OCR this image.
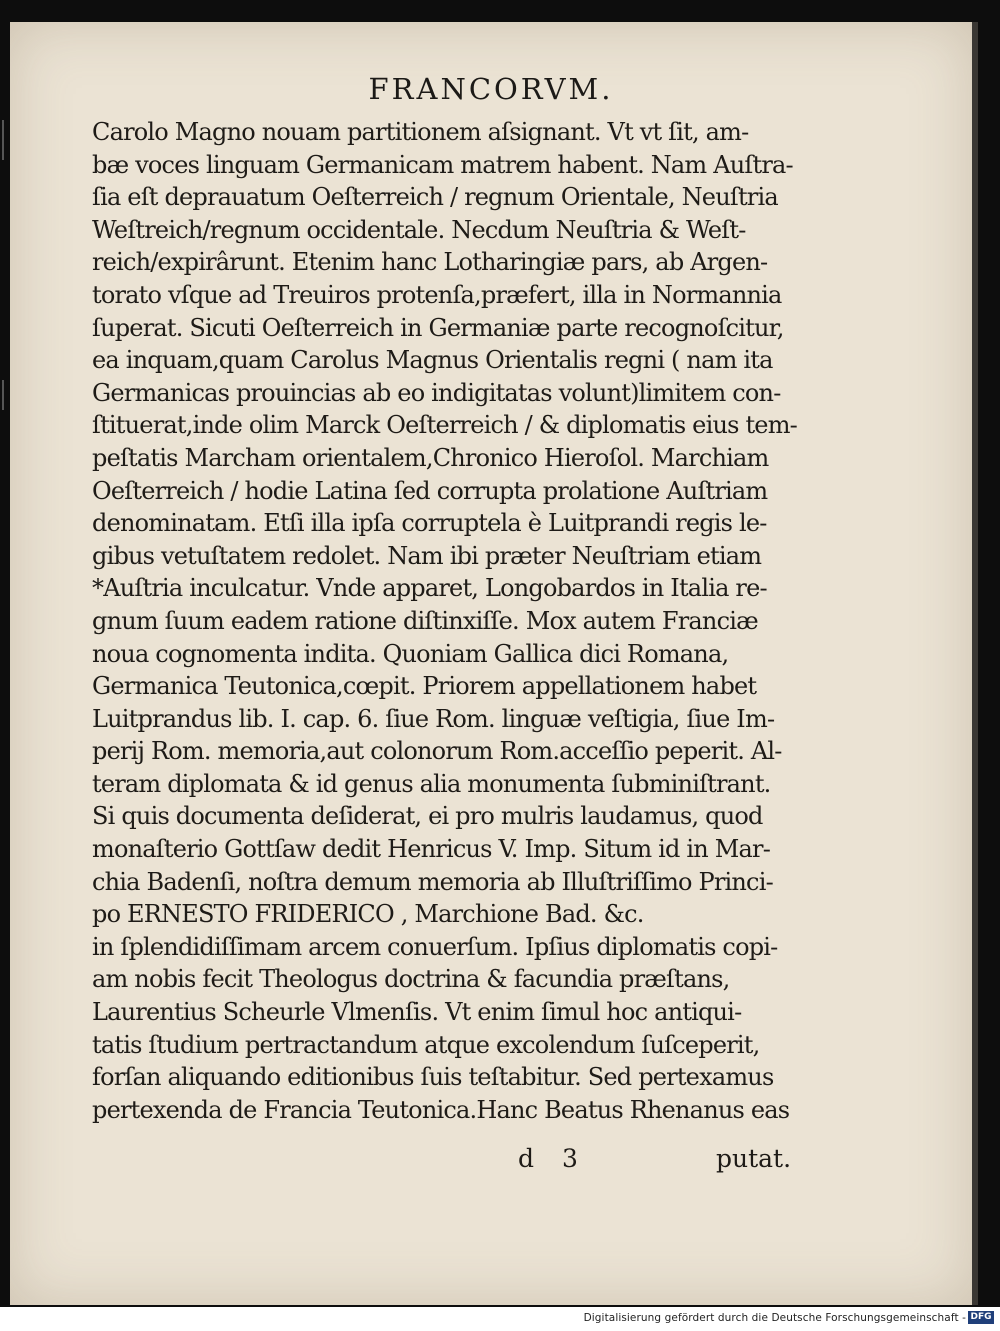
FRANCORVM.
Carolo Magno nouam partitionem aſsignant. Vt vt ſit, am-
bæ voces linguam Germanicam matrem habent. Nam Auſtra-
ſia eſt deprauatum Oeſterreich / regnum Orientale, Neuſtria
Weſtreich/regnum occidentale. Necdum Neuſtria & Weſt-
reich/expirârunt. Etenim hanc Lotharingiæ pars, ab Argen-
torato vſque ad Treuiros protenſa,præfert, illa in Normannia
ſuperat. Sicuti Oeſterreich in Germaniæ parte recognoſcitur,
ea inquam,quam Carolus Magnus Orientalis regni ( nam ita
Germanicas prouincias ab eo indigitatas volunt)limitem con-
ſtituerat,inde olim Marck Oeſterreich / & diplomatis eius tem-
peſtatis Marcham orientalem,Chronico Hieroſol. Marchiam
Oeſterreich / hodie Latina ſed corrupta prolatione Auſtriam
denominatam. Etſi illa ipſa corruptela è Luitprandi regis le-
gibus vetuſtatem redolet. Nam ibi præter Neuſtriam etiam
*Auſtria inculcatur. Vnde apparet, Longobardos in Italia re-
gnum ſuum eadem ratione diſtinxiſſe. Mox autem Franciæ
noua cognomenta indita. Quoniam Gallica dici Romana,
Germanica Teutonica,cœpit. Priorem appellationem habet
Luitprandus lib. I. cap. 6. ſiue Rom. linguæ veſtigia, ſiue Im-
perij Rom. memoria,aut colonorum Rom.acceſſio peperit. Al-
teram diplomata & id genus alia monumenta ſubminiſtrant.
Si quis documenta deſiderat, ei pro mulris laudamus, quod
monaſterio Gottſaw dedit Henricus V. Imp. Situm id in Mar-
chia Badenſi, noſtra demum memoria ab Illuſtriſſimo Princi-
po ERNESTO FRIDERICO , Marchione Bad. &c.
in ſplendidiſſimam arcem conuerſum. Ipſius diplomatis copi-
am nobis fecit Theologus doctrina & facundia præſtans,
Laurentius Scheurle Vlmenſis. Vt enim ſimul hoc antiqui-
tatis ſtudium pertractandum atque excolendum ſuſceperit,
forſan aliquando editionibus ſuis teſtabitur. Sed pertexamus
pertexenda de Francia Teutonica.Hanc Beatus Rhenanus eas
d 3	putat.
Digitalisierung gefördert durch die Deutsche Forschungsgemeinschaft - DFG
